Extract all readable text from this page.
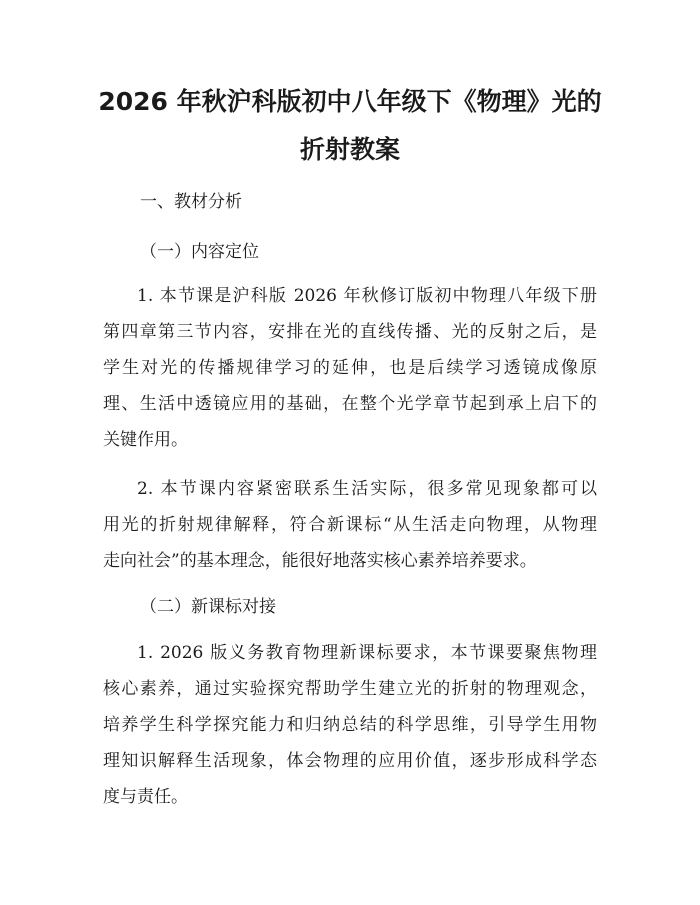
2026 年秋沪科版初中八年级下《物理》光的
折射教案

一、教材分析

（一）内容定位

1. 本节课是沪科版 2026 年秋修订版初中物理八年级下册
第四章第三节内容，安排在光的直线传播、光的反射之后，是
学生对光的传播规律学习的延伸，也是后续学习透镜成像原
理、生活中透镜应用的基础，在整个光学章节起到承上启下的
关键作用。
2. 本节课内容紧密联系生活实际，很多常见现象都可以
用光的折射规律解释，符合新课标“从生活走向物理，从物理
走向社会”的基本理念，能很好地落实核心素养培养要求。

（二）新课标对接

1. 2026 版义务教育物理新课标要求，本节课要聚焦物理
核心素养，通过实验探究帮助学生建立光的折射的物理观念，
培养学生科学探究能力和归纳总结的科学思维，引导学生用物
理知识解释生活现象，体会物理的应用价值，逐步形成科学态
度与责任。
